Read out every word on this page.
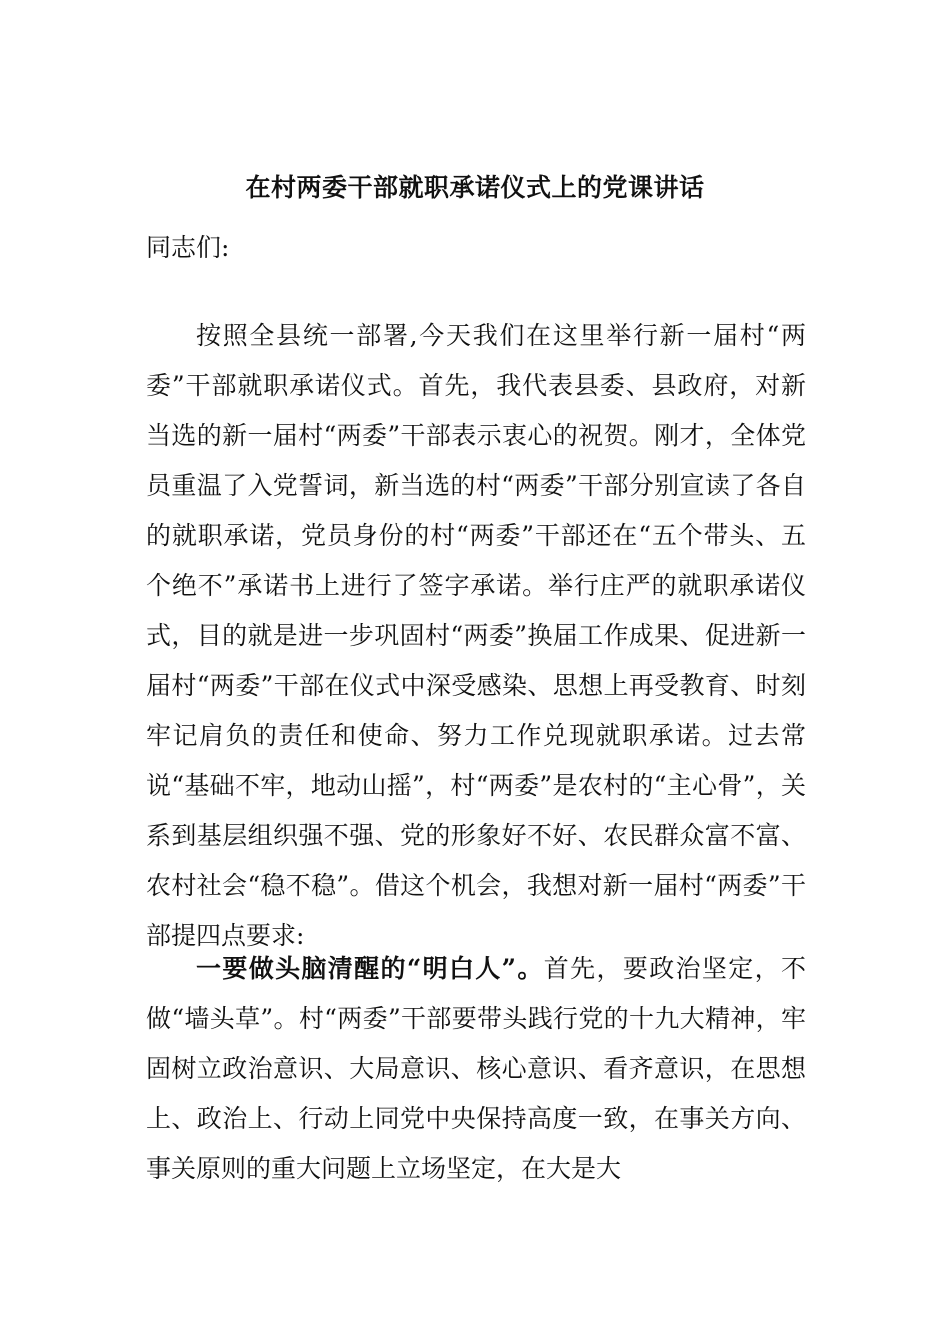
在村两委干部就职承诺仪式上的党课讲话
同志们:

按照全县统一部署,今天我们在这里举行新一届村“两委”干部就职承诺仪式。首先，我代表县委、县政府，对新当选的新一届村“两委”干部表示衷心的祝贺。刚才，全体党员重温了入党誓词，新当选的村“两委”干部分别宣读了各自的就职承诺，党员身份的村“两委”干部还在“五个带头、五个绝不”承诺书上进行了签字承诺。举行庄严的就职承诺仪式，目的就是进一步巩固村“两委”换届工作成果、促进新一届村“两委”干部在仪式中深受感染、思想上再受教育、时刻牢记肩负的责任和使命、努力工作兑现就职承诺。过去常说“基础不牢，地动山摇”，村“两委”是农村的“主心骨”，关系到基层组织强不强、党的形象好不好、农民群众富不富、农村社会“稳不稳”。借这个机会，我想对新一届村“两委”干部提四点要求:

一要做头脑清醒的“明白人”。首先，要政治坚定，不做“墙头草”。村“两委”干部要带头践行党的十九大精神，牢固树立政治意识、大局意识、核心意识、看齐意识，在思想上、政治上、行动上同党中央保持高度一致，在事关方向、事关原则的重大问题上立场坚定，在大是大
